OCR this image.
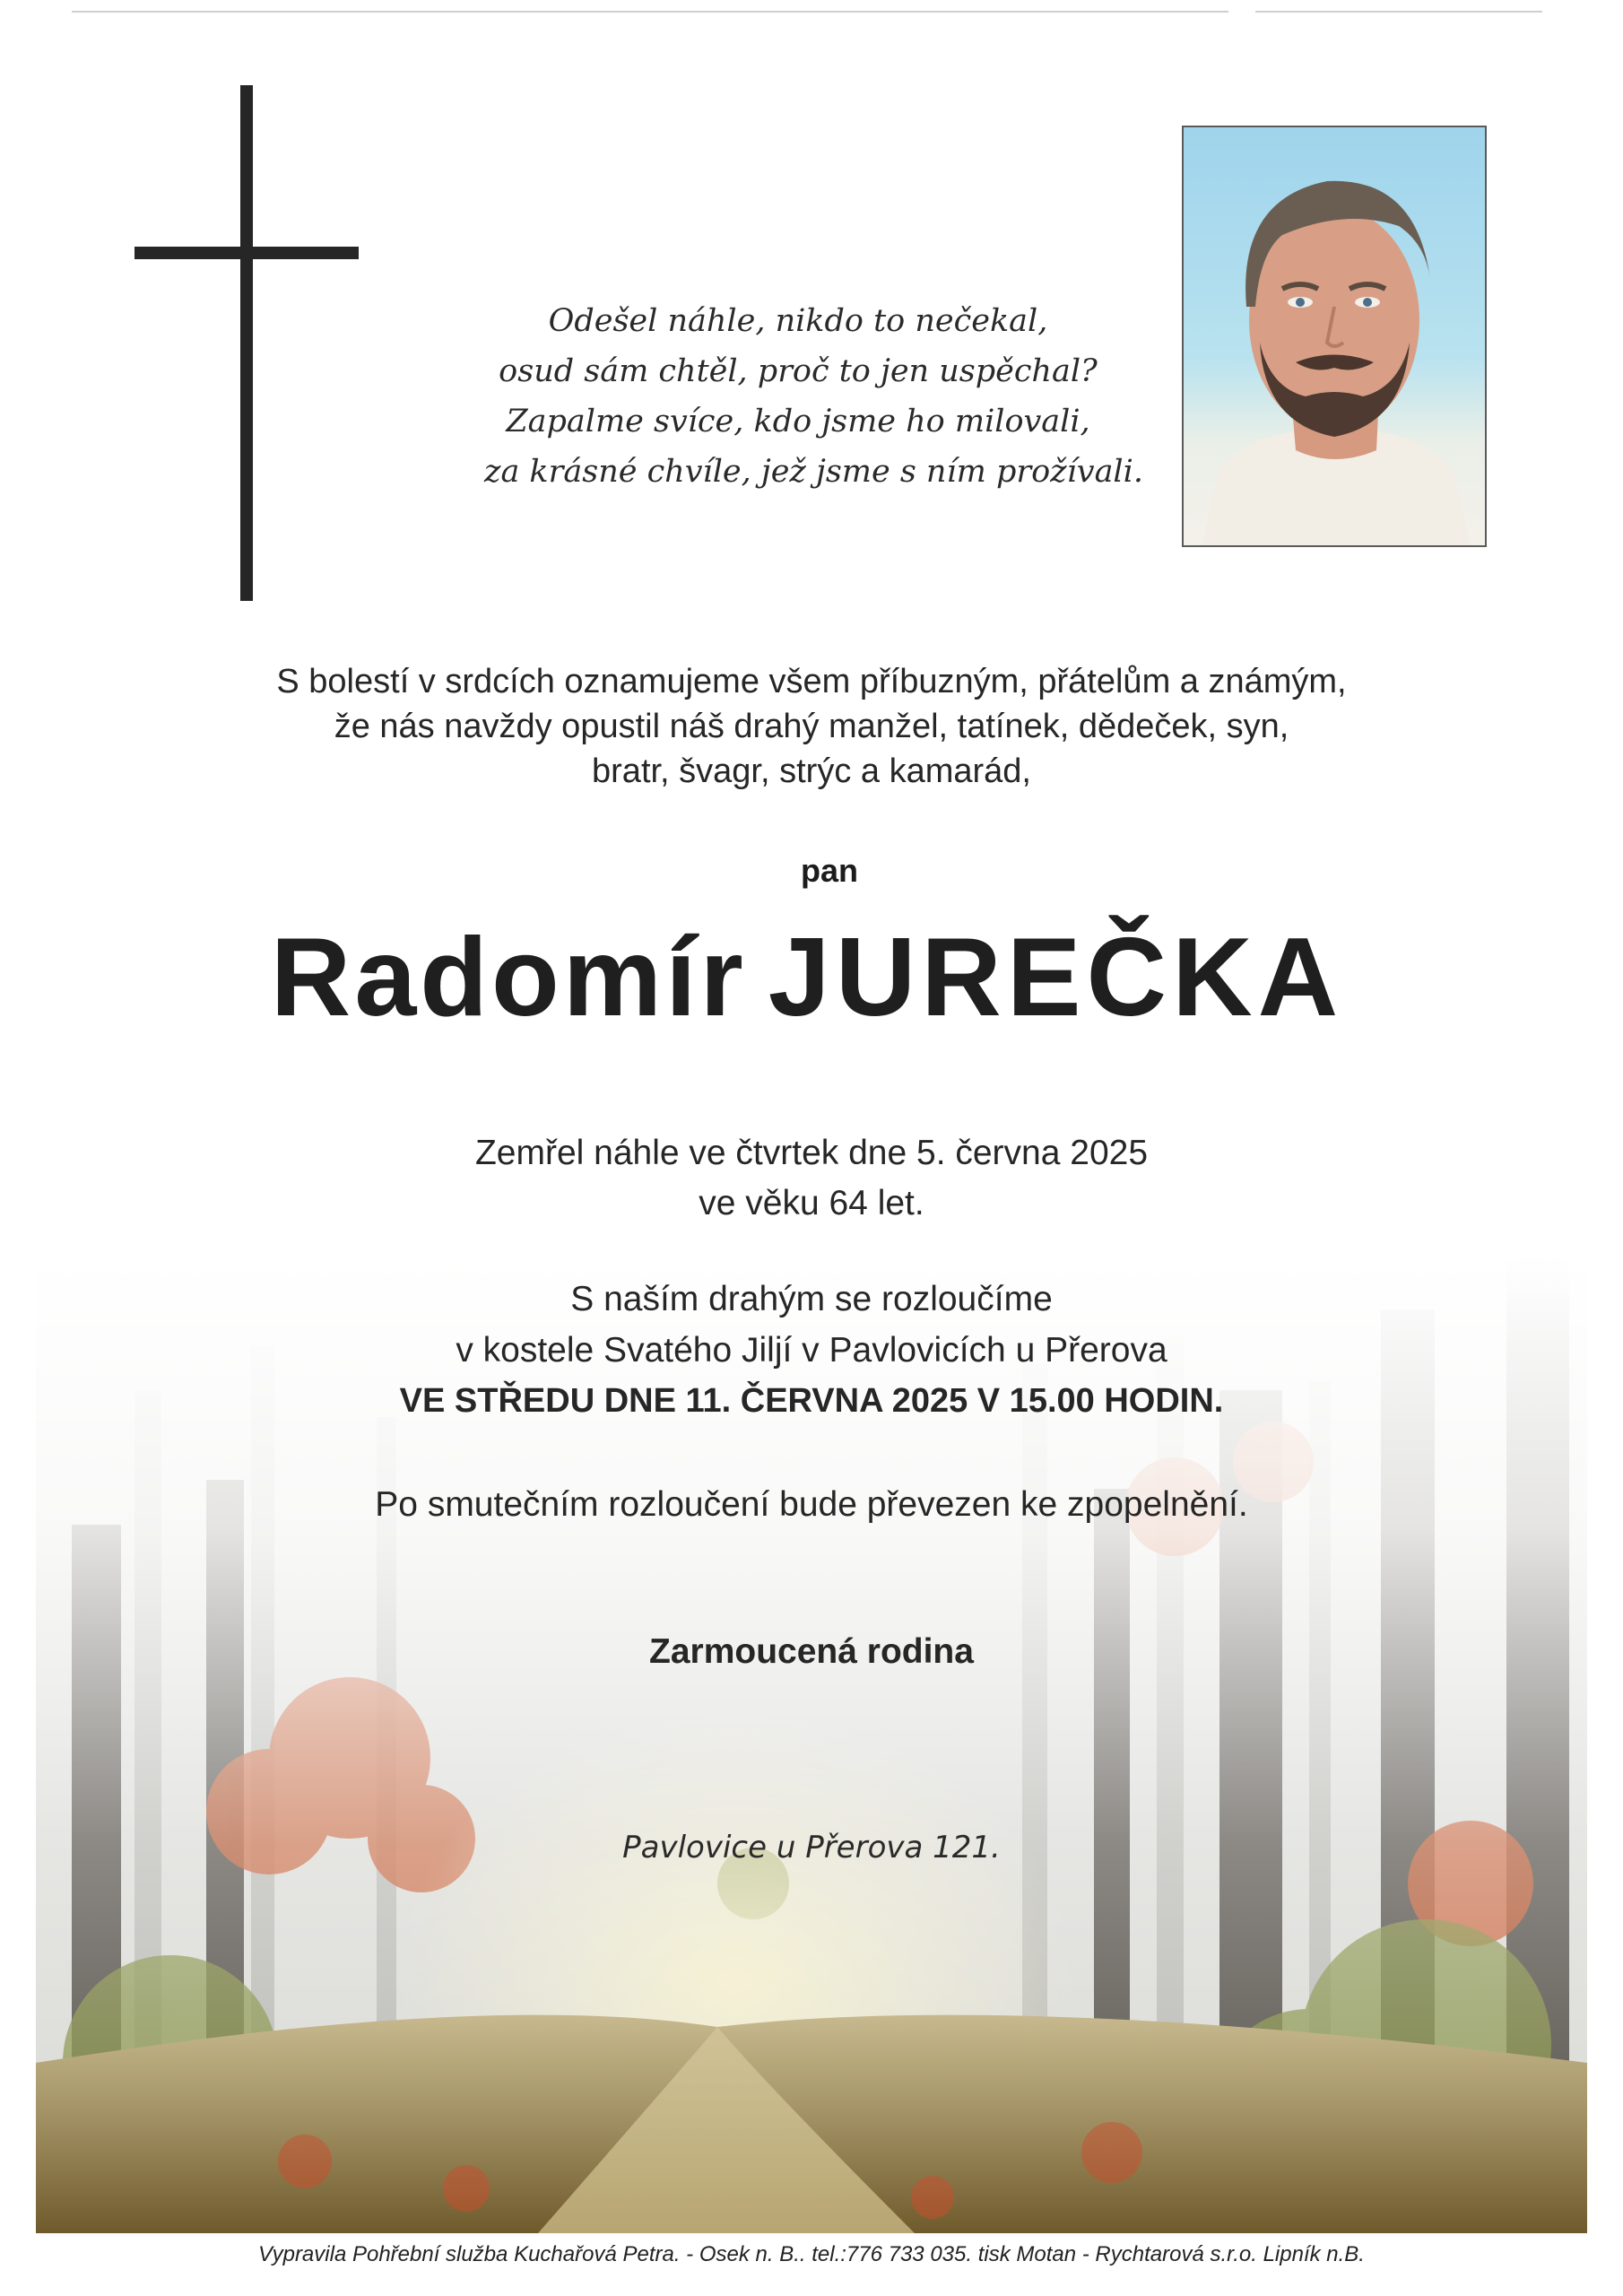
Odešel náhle, nikdo to nečekal,
osud sám chtěl, proč to jen uspěchal?
Zapalme svíce, kdo jsme ho milovali,
za krásné chvíle, jež jsme s ním prožívali.
S bolestí v srdcích oznamujeme všem příbuzným, přátelům a známým,
že nás navždy opustil náš drahý manžel, tatínek, dědeček, syn,
bratr, švagr, strýc a kamarád,
pan
Radomír JUREČKA
Zemřel náhle ve čtvrtek dne 5. června 2025
ve věku 64 let.
S naším drahým se rozloučíme
v kostele Svatého Jiljí v Pavlovicích u Přerova
VE STŘEDU DNE 11. ČERVNA 2025 V 15.00 HODIN.
Po smutečním rozloučení bude převezen ke zpopelnění.
Zarmoucená rodina
Pavlovice u Přerova 121.
Vypravila Pohřební služba Kuchařová Petra. - Osek n. B.. tel.:776 733 035. tisk Motan - Rychtarová s.r.o. Lipník n.B.
